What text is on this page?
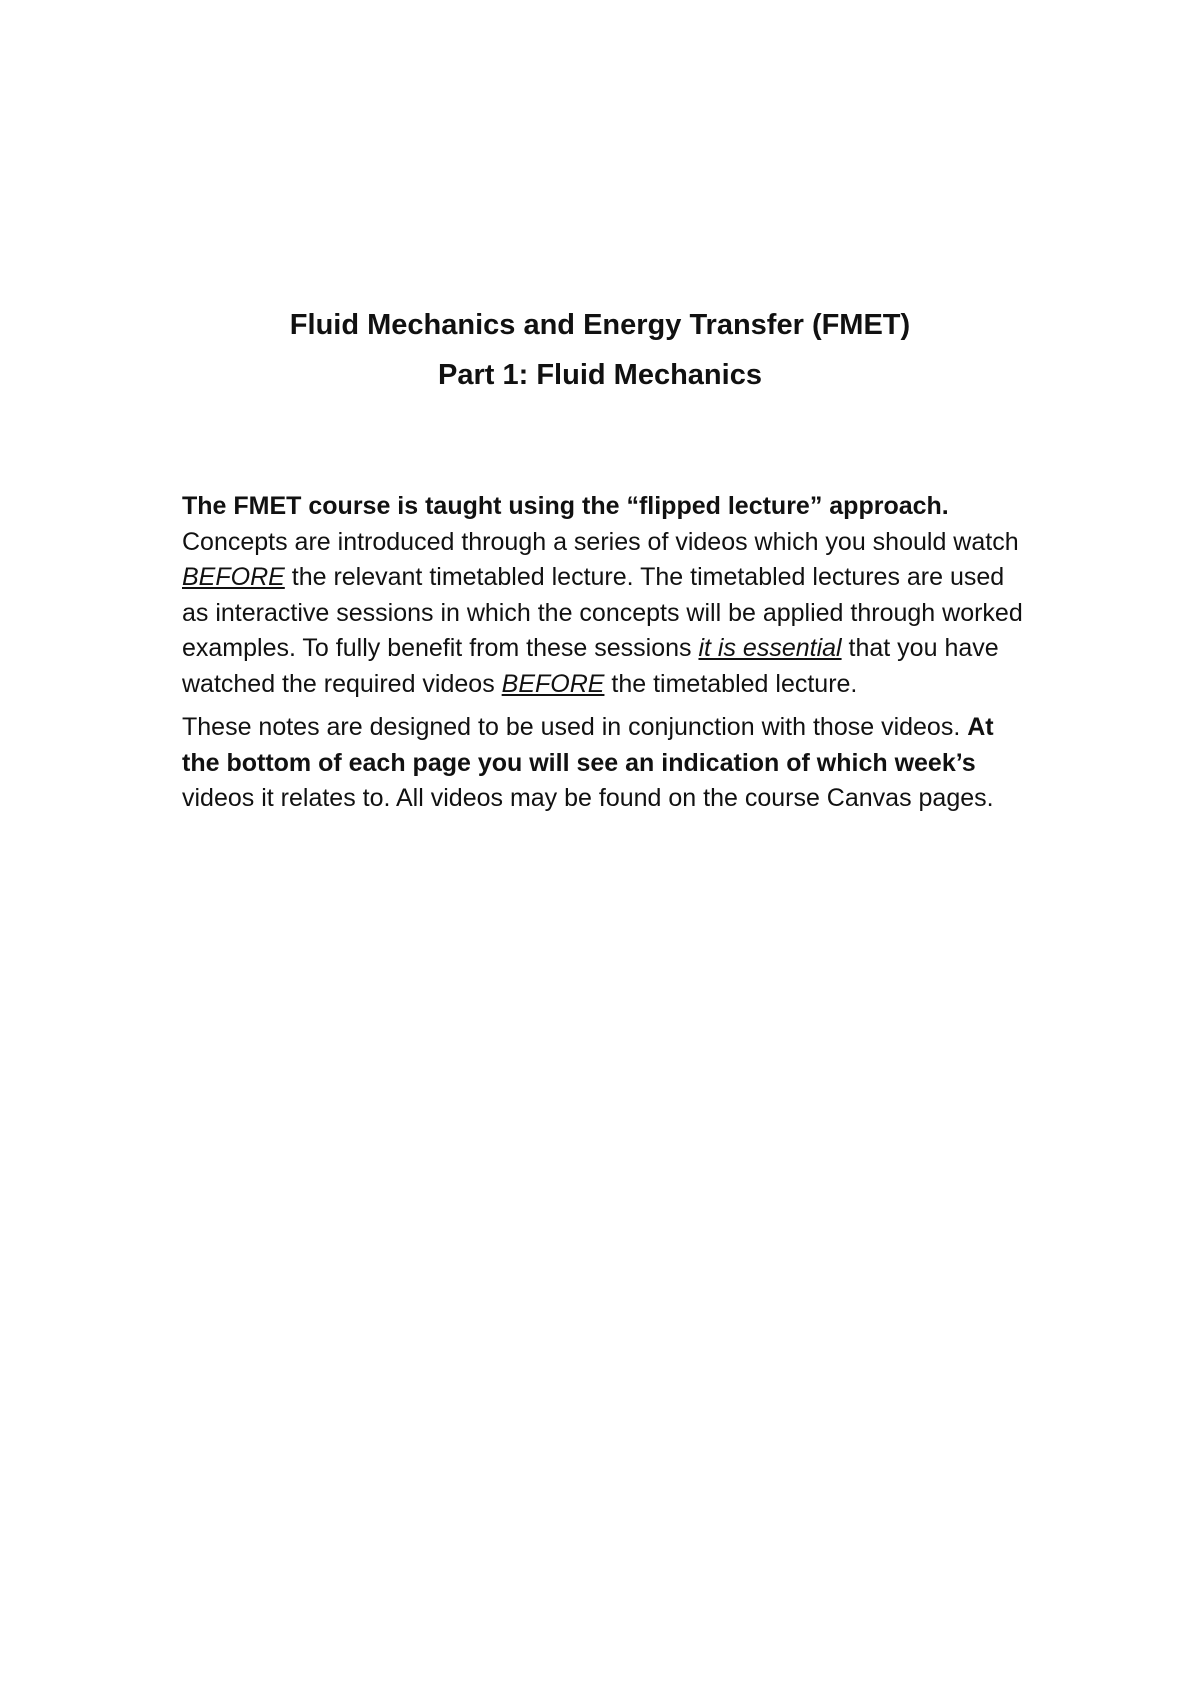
Fluid Mechanics and Energy Transfer (FMET)

Part 1: Fluid Mechanics

The FMET course is taught using the “flipped lecture” approach. Concepts are introduced through a series of videos which you should watch BEFORE the relevant timetabled lecture. The timetabled lectures are used as interactive sessions in which the concepts will be applied through worked examples. To fully benefit from these sessions it is essential that you have watched the required videos BEFORE the timetabled lecture.

These notes are designed to be used in conjunction with those videos. At the bottom of each page you will see an indication of which week’s videos it relates to. All videos may be found on the course Canvas pages.
